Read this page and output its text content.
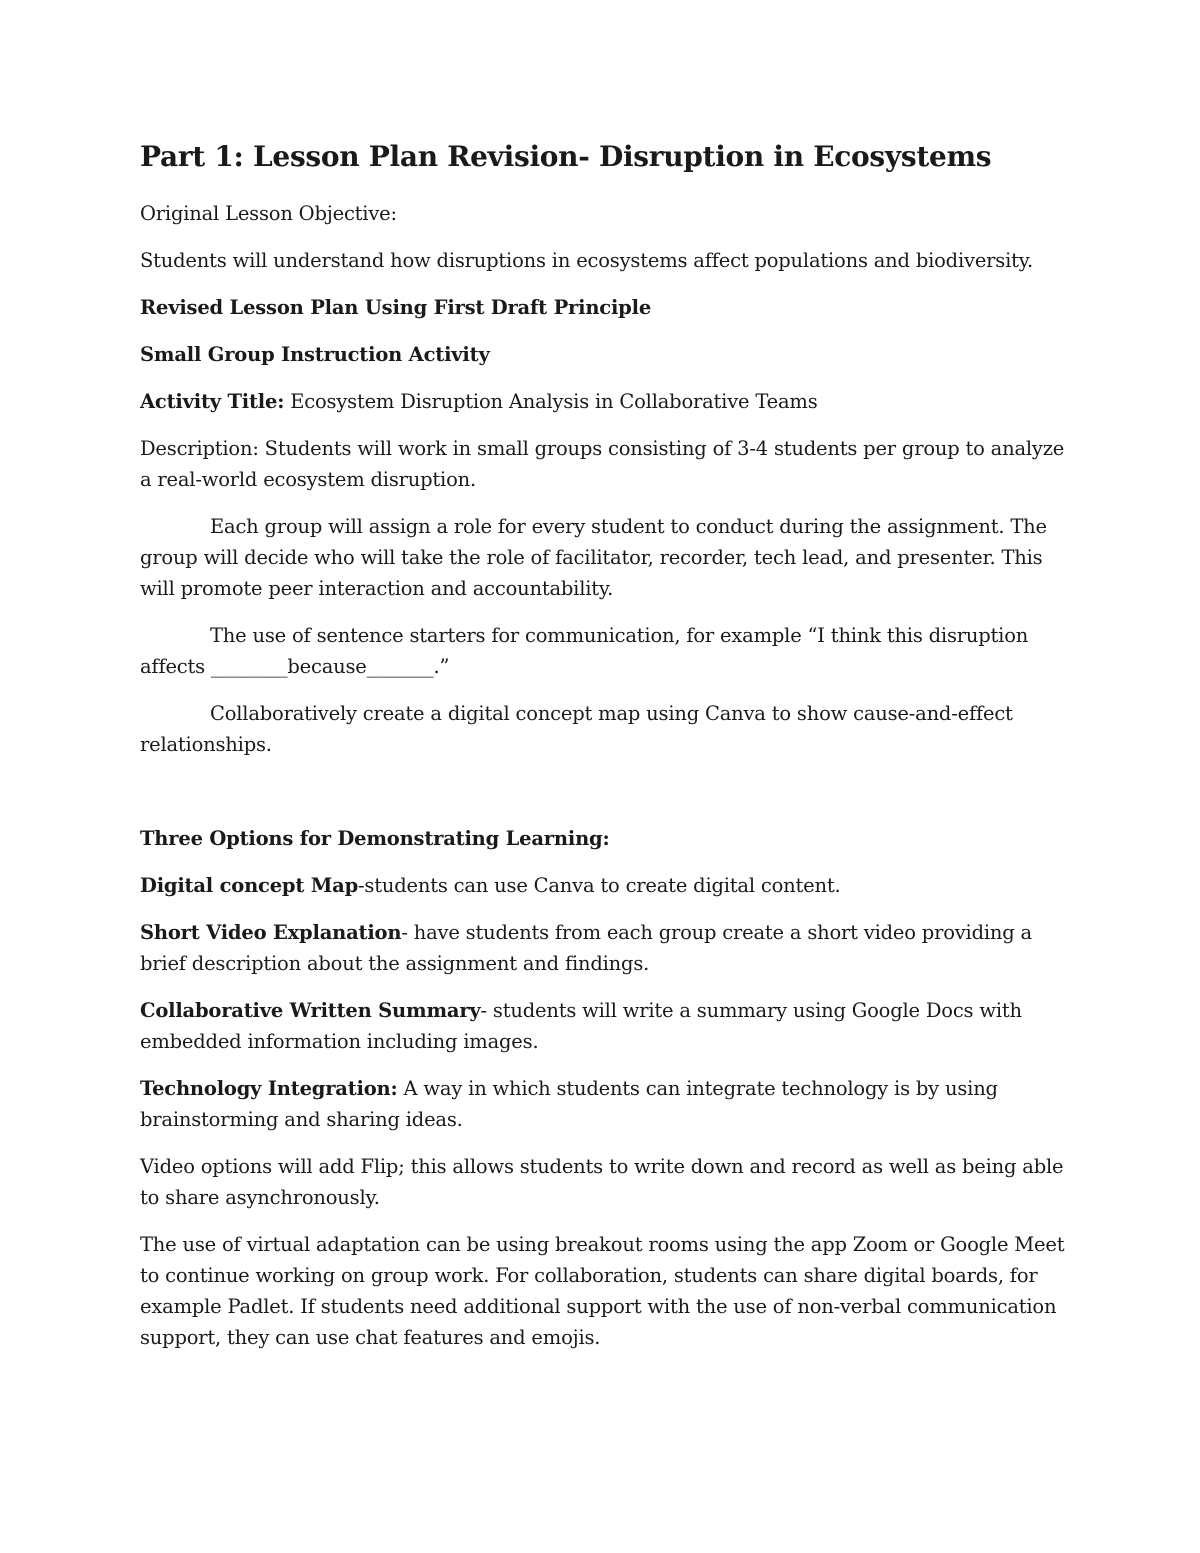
Part 1: Lesson Plan Revision- Disruption in Ecosystems

Original Lesson Objective:

Students will understand how disruptions in ecosystems affect populations and biodiversity.

Revised Lesson Plan Using First Draft Principle

Small Group Instruction Activity

Activity Title: Ecosystem Disruption Analysis in Collaborative Teams

Description: Students will work in small groups consisting of 3-4 students per group to analyze a real-world ecosystem disruption.

Each group will assign a role for every student to conduct during the assignment. The group will decide who will take the role of facilitator, recorder, tech lead, and presenter. This will promote peer interaction and accountability.

The use of sentence starters for communication, for example “I think this disruption affects ________because_______.”

Collaboratively create a digital concept map using Canva to show cause-and-effect relationships.

Three Options for Demonstrating Learning:

Digital concept Map-students can use Canva to create digital content.

Short Video Explanation- have students from each group create a short video providing a brief description about the assignment and findings.

Collaborative Written Summary- students will write a summary using Google Docs with embedded information including images.

Technology Integration: A way in which students can integrate technology is by using brainstorming and sharing ideas.

Video options will add Flip; this allows students to write down and record as well as being able to share asynchronously.

The use of virtual adaptation can be using breakout rooms using the app Zoom or Google Meet to continue working on group work. For collaboration, students can share digital boards, for example Padlet. If students need additional support with the use of non-verbal communication support, they can use chat features and emojis.
